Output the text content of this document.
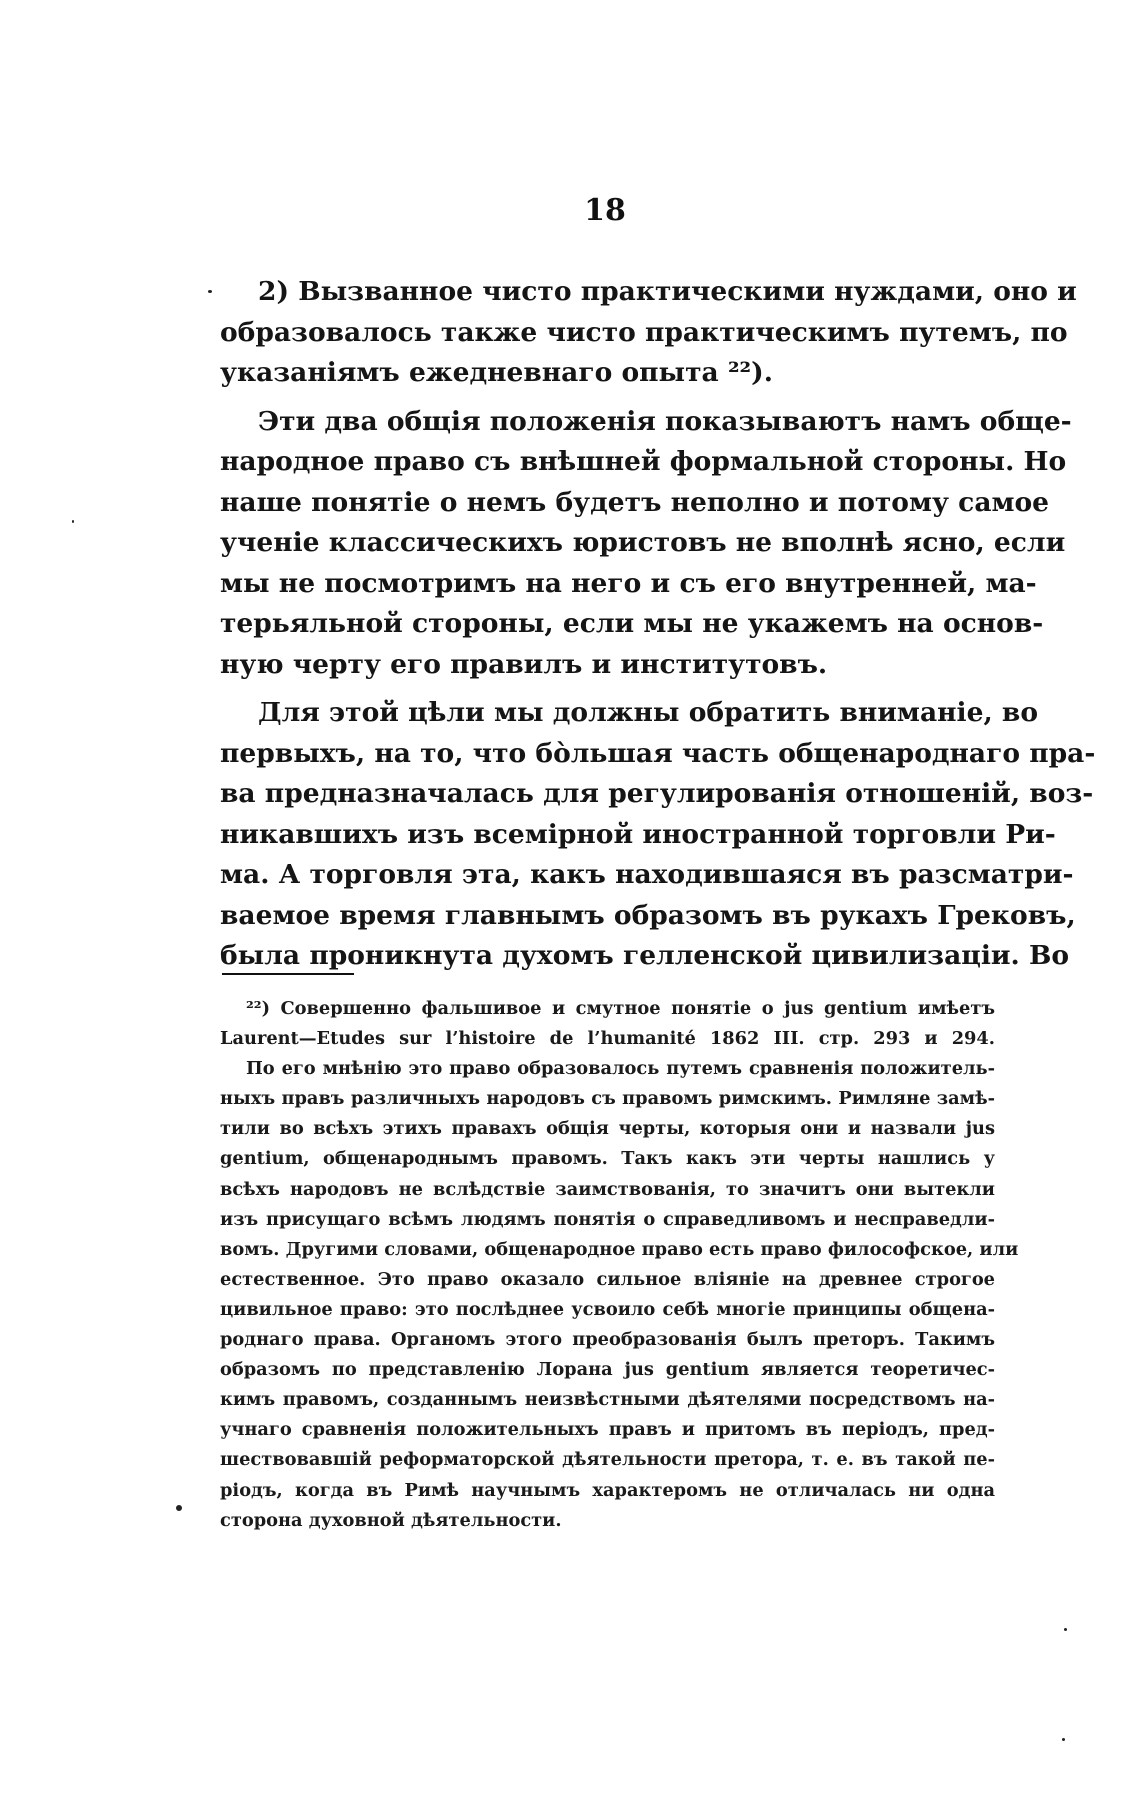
18
2) Вызванное чисто практическими нуждами, оно и
образовалось также чисто практическимъ путемъ, по
указаніямъ ежедневнаго опыта ²²).
Эти два общія положенія показываютъ намъ обще-
народное право съ внѣшней формальной стороны. Но
наше понятіе о немъ будетъ неполно и потому самое
ученіе классическихъ юристовъ не вполнѣ ясно, если
мы не посмотримъ на него и съ его внутренней, ма-
терьяльной стороны, если мы не укажемъ на основ-
ную черту его правилъ и институтовъ.
Для этой цѣли мы должны обратить вниманіе, во
первыхъ, на то, что бо̀льшая часть общенароднаго пра-
ва предназначалась для регулированія отношеній, воз-
никавшихъ изъ всемірной иностранной торговли Ри-
ма. А торговля эта, какъ находившаяся въ разсматри-
ваемое время главнымъ образомъ въ рукахъ Грековъ,
была проникнута духомъ гелленской цивилизаціи. Во
²²) Совершенно фальшивое и смутное понятіе о jus gentium имѣетъ
Laurent—Etudes sur l’histoire de l’humanité 1862 III. стр. 293 и 294.
По его мнѣнію это право образовалось путемъ сравненія положитель-
ныхъ правъ различныхъ народовъ съ правомъ римскимъ. Римляне замѣ-
тили во всѣхъ этихъ правахъ общія черты, которыя они и назвали jus
gentium, общенароднымъ правомъ. Такъ какъ эти черты нашлись у
всѣхъ народовъ не вслѣдствіе заимствованія, то значитъ они вытекли
изъ присущаго всѣмъ людямъ понятія о справедливомъ и несправедли-
вомъ. Другими словами, общенародное право есть право философское, или
естественное. Это право оказало сильное вліяніе на древнее строгое
цивильное право: это послѣднее усвоило себѣ многіе принципы общена-
роднаго права. Органомъ этого преобразованія былъ преторъ. Такимъ
образомъ по представленію Лорана jus gentium является теоретичес-
кимъ правомъ, созданнымъ неизвѣстными дѣятелями посредствомъ на-
учнаго сравненія положительныхъ правъ и притомъ въ періодъ, пред-
шествовавшій реформаторской дѣятельности претора, т. е. въ такой пе-
ріодъ, когда въ Римѣ научнымъ характеромъ не отличалась ни одна
сторона духовной дѣятельности.
